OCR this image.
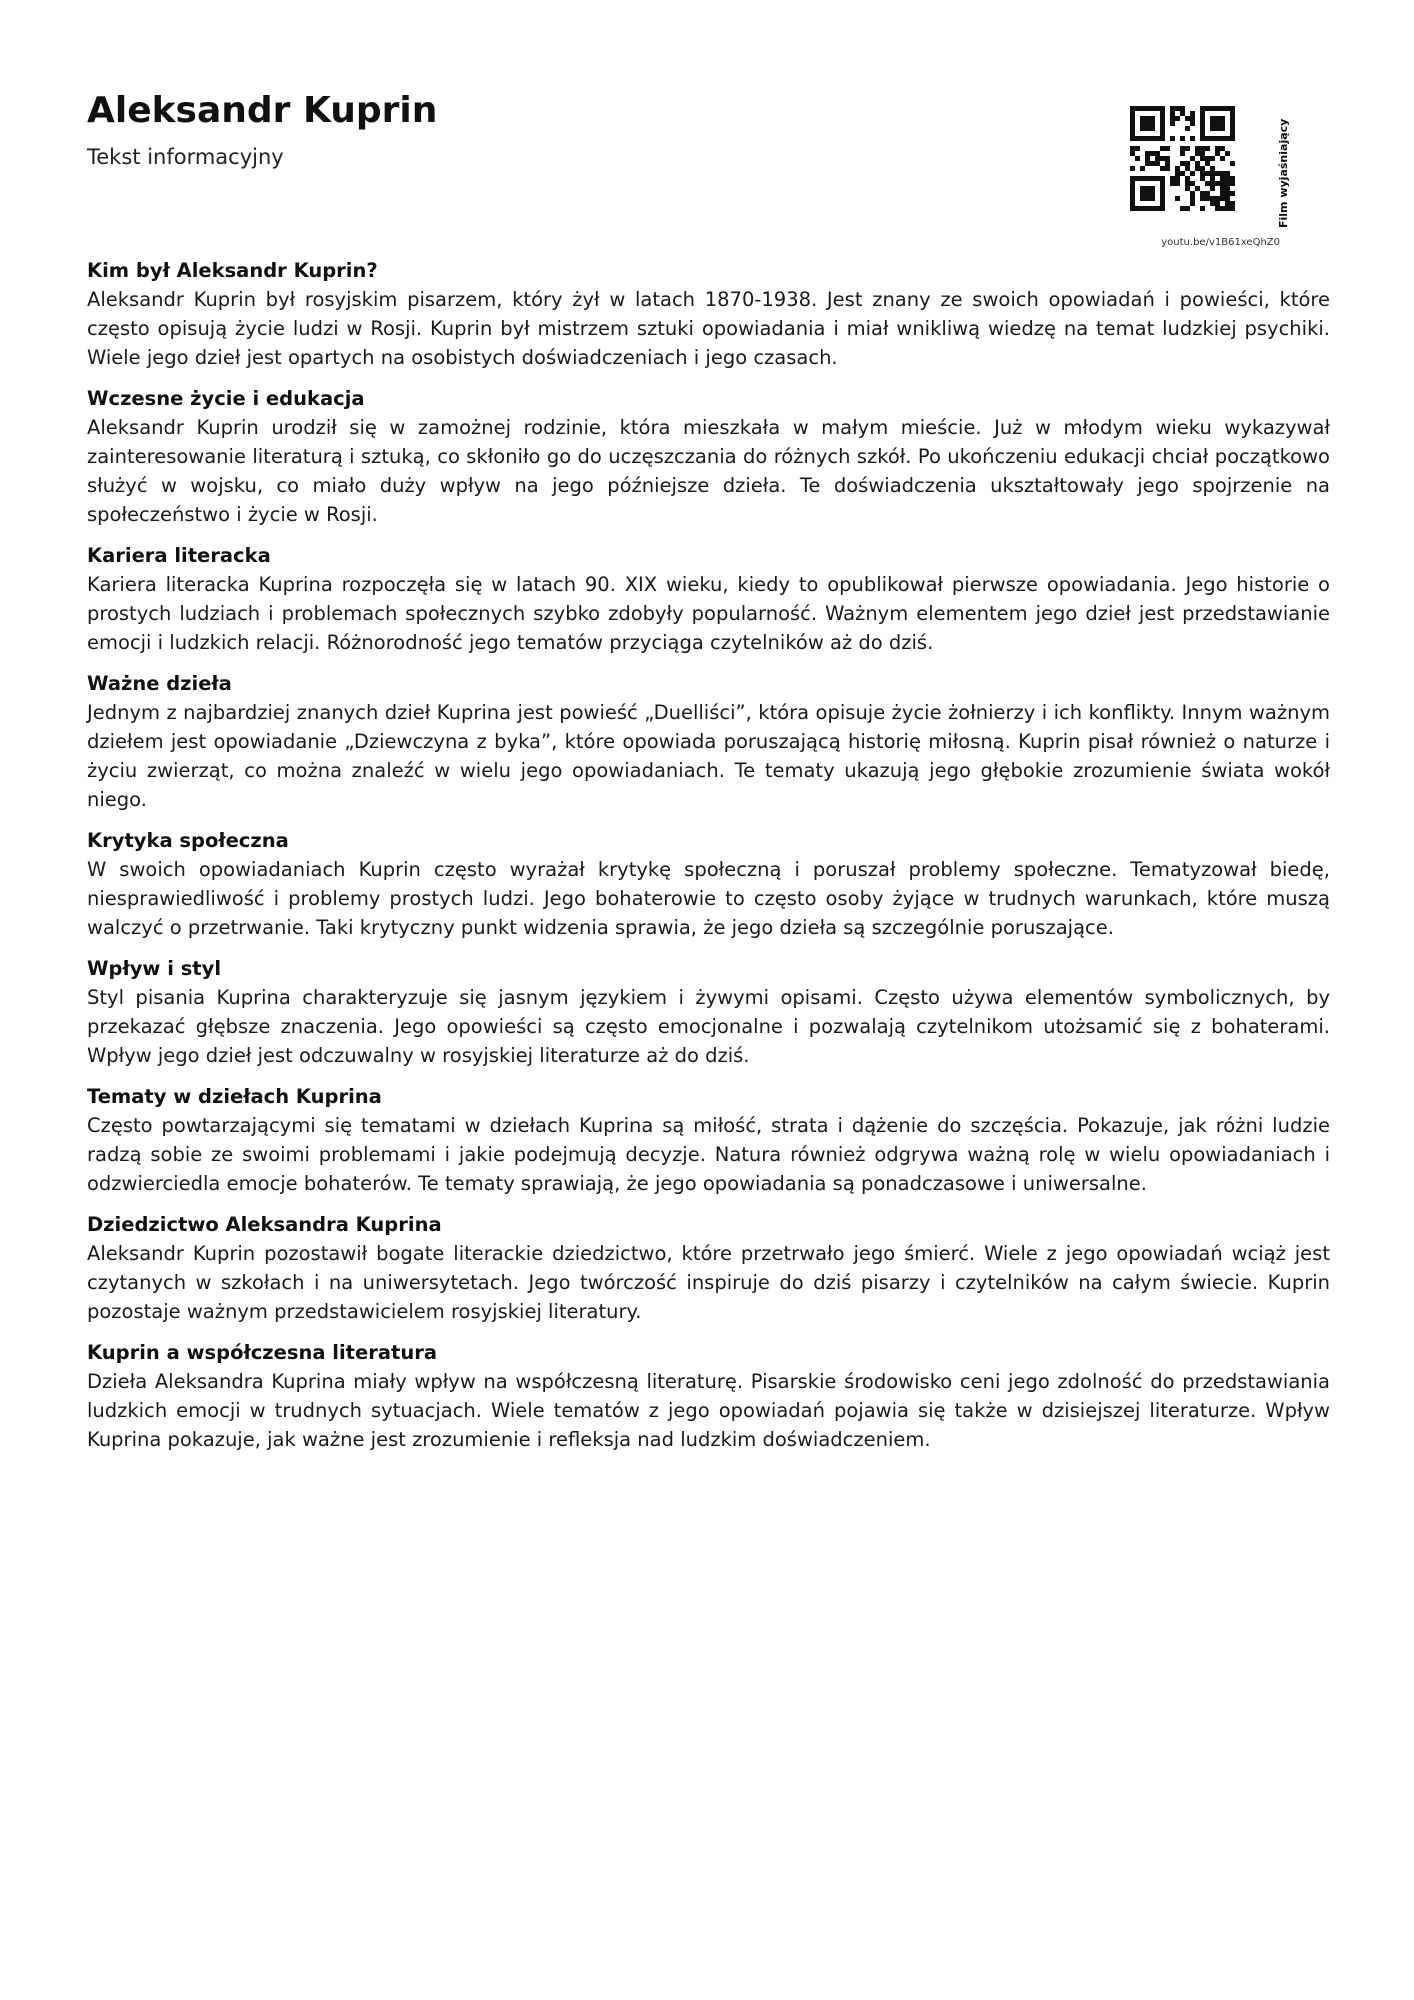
Aleksandr Kuprin

Tekst informacyjny	Film wyjaśniający
youtu.be/v1B61xeQhZ0
Kim był Aleksandr Kuprin?

Aleksandr Kuprin był rosyjskim pisarzem, który żył w latach 1870-1938. Jest znany ze swoich opowiadań i powieści, które często opisują życie ludzi w Rosji. Kuprin był mistrzem sztuki opowiadania i miał wnikliwą wiedzę na temat ludzkiej psychiki. Wiele jego dzieł jest opartych na osobistych doświadczeniach i jego czasach.

Wczesne życie i edukacja

Aleksandr Kuprin urodził się w zamożnej rodzinie, która mieszkała w małym mieście. Już w młodym wieku wykazywał zainteresowanie literaturą i sztuką, co skłoniło go do uczęszczania do różnych szkół. Po ukończeniu edukacji chciał początkowo służyć w wojsku, co miało duży wpływ na jego późniejsze dzieła. Te doświadczenia ukształtowały jego spojrzenie na społeczeństwo i życie w Rosji.

Kariera literacka

Kariera literacka Kuprina rozpoczęła się w latach 90. XIX wieku, kiedy to opublikował pierwsze opowiadania. Jego historie o prostych ludziach i problemach społecznych szybko zdobyły popularność. Ważnym elementem jego dzieł jest przedstawianie emocji i ludzkich relacji. Różnorodność jego tematów przyciąga czytelników aż do dziś.

Ważne dzieła

Jednym z najbardziej znanych dzieł Kuprina jest powieść „Duelliści”, która opisuje życie żołnierzy i ich konflikty. Innym ważnym dziełem jest opowiadanie „Dziewczyna z byka”, które opowiada poruszającą historię miłosną. Kuprin pisał również o naturze i życiu zwierząt, co można znaleźć w wielu jego opowiadaniach. Te tematy ukazują jego głębokie zrozumienie świata wokół niego.

Krytyka społeczna

W swoich opowiadaniach Kuprin często wyrażał krytykę społeczną i poruszał problemy społeczne. Tematyzował biedę, niesprawiedliwość i problemy prostych ludzi. Jego bohaterowie to często osoby żyjące w trudnych warunkach, które muszą walczyć o przetrwanie. Taki krytyczny punkt widzenia sprawia, że jego dzieła są szczególnie poruszające.

Wpływ i styl

Styl pisania Kuprina charakteryzuje się jasnym językiem i żywymi opisami. Często używa elementów symbolicznych, by przekazać głębsze znaczenia. Jego opowieści są często emocjonalne i pozwalają czytelnikom utożsamić się z bohaterami. Wpływ jego dzieł jest odczuwalny w rosyjskiej literaturze aż do dziś.

Tematy w dziełach Kuprina

Często powtarzającymi się tematami w dziełach Kuprina są miłość, strata i dążenie do szczęścia. Pokazuje, jak różni ludzie radzą sobie ze swoimi problemami i jakie podejmują decyzje. Natura również odgrywa ważną rolę w wielu opowiadaniach i odzwierciedla emocje bohaterów. Te tematy sprawiają, że jego opowiadania są ponadczasowe i uniwersalne.

Dziedzictwo Aleksandra Kuprina

Aleksandr Kuprin pozostawił bogate literackie dziedzictwo, które przetrwało jego śmierć. Wiele z jego opowiadań wciąż jest czytanych w szkołach i na uniwersytetach. Jego twórczość inspiruje do dziś pisarzy i czytelników na całym świecie. Kuprin pozostaje ważnym przedstawicielem rosyjskiej literatury.

Kuprin a współczesna literatura

Dzieła Aleksandra Kuprina miały wpływ na współczesną literaturę. Pisarskie środowisko ceni jego zdolność do przedstawiania ludzkich emocji w trudnych sytuacjach. Wiele tematów z jego opowiadań pojawia się także w dzisiejszej literaturze. Wpływ Kuprina pokazuje, jak ważne jest zrozumienie i refleksja nad ludzkim doświadczeniem.
